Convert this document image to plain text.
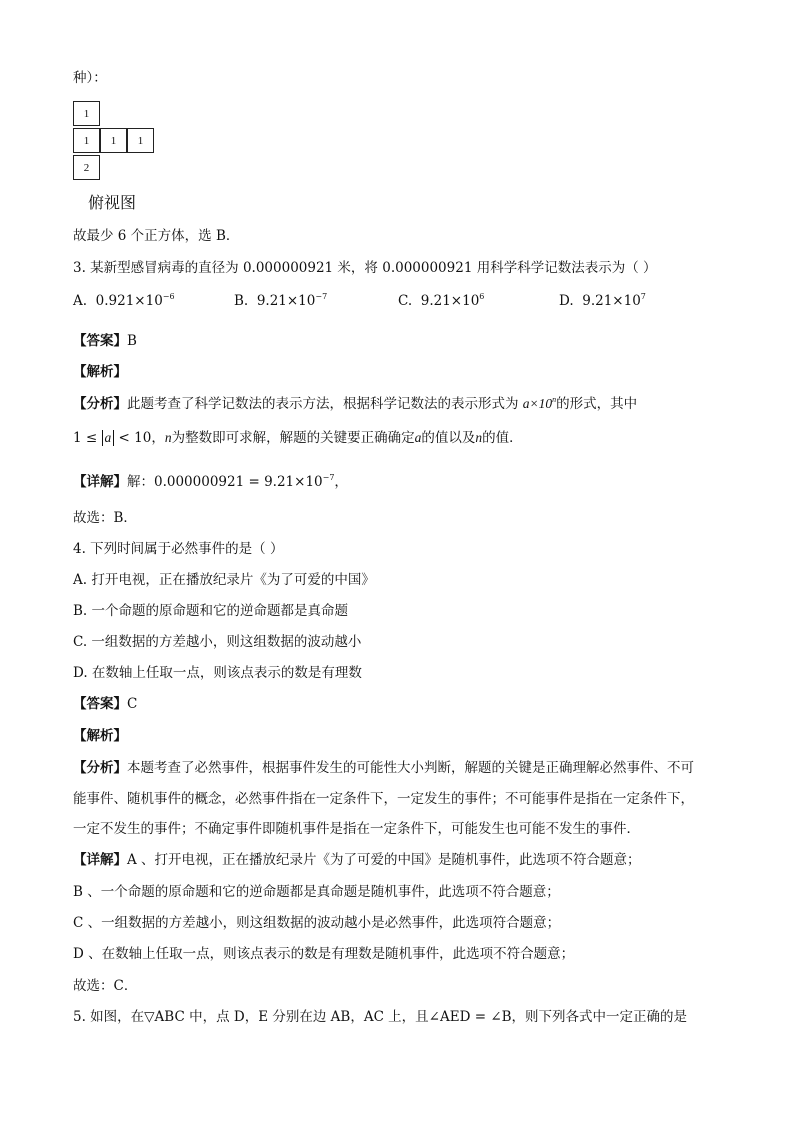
种）：
1
1	1	1
2
俯视图
故最少 6 个正方体，选 B．
3. 某新型感冒病毒的直径为 0.000000921 米，将 0.000000921 用科学科学记数法表示为（ ）
A. $0.921\times 10^{-6}$	B. $9.21\times 10^{-7}$	C. $9.21\times 10^6$	D. $9.21\times 10^7$
【答案】B
【解析】
【分析】此题考查了科学记数法的表示方法，根据科学记数法的表示形式为 $a\times 10^n$的形式，其中
1 ≤ a < 10，n为整数即可求解，解题的关键要正确确定a的值以及n的值．
【详解】解：$0.000000921 = 9.21\times 10^{-7}$，
故选：B．
4. 下列时间属于必然事件的是（ ）
A. 打开电视，正在播放纪录片《为了可爱的中国》
B. 一个命题的原命题和它的逆命题都是真命题
C. 一组数据的方差越小，则这组数据的波动越小
D. 在数轴上任取一点，则该点表示的数是有理数
【答案】C
【解析】
【分析】本题考查了必然事件，根据事件发生的可能性大小判断，解题的关键是正确理解必然事件、不可
能事件、随机事件的概念，必然事件指在一定条件下，一定发生的事件；不可能事件是指在一定条件下，
一定不发生的事件；不确定事件即随机事件是指在一定条件下，可能发生也可能不发生的事件．
【详解】A 、打开电视，正在播放纪录片《为了可爱的中国》是随机事件，此选项不符合题意；
B 、一个命题的原命题和它的逆命题都是真命题是随机事件，此选项不符合题意；
C 、一组数据的方差越小，则这组数据的波动越小是必然事件，此选项符合题意；
D 、在数轴上任取一点，则该点表示的数是有理数是随机事件，此选项不符合题意；
故选：C．
5. 如图，在▽ABC 中，点 D，E 分别在边 AB，AC 上，且∠AED = ∠B，则下列各式中一定正确的是
